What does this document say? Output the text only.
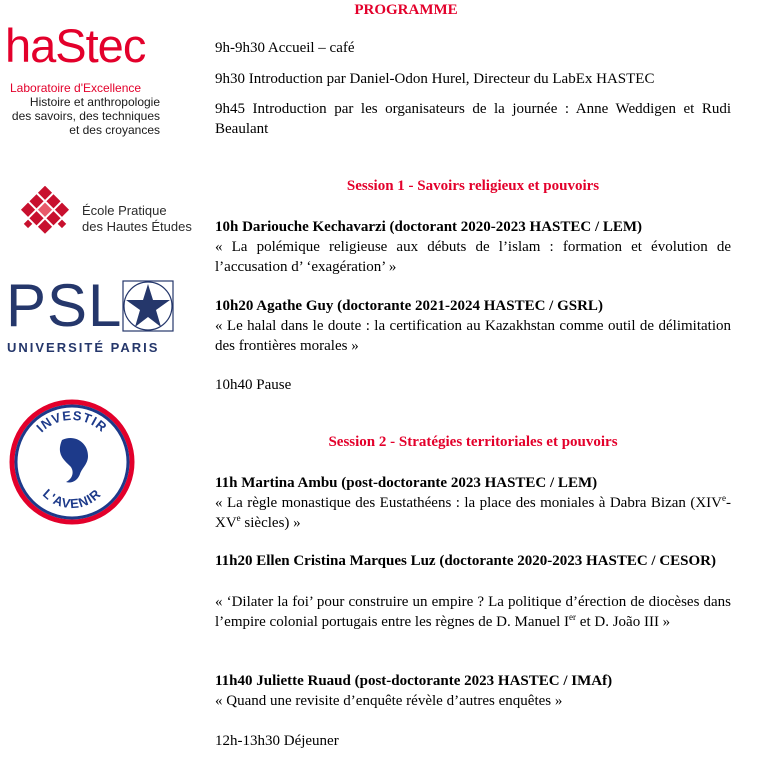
haStec
Laboratoire d'Excellence
Histoire et anthropologie
des savoirs, des techniques
et des croyances
École Pratique
des Hautes Études
PSL
UNIVERSITÉ PARIS
INVESTIR
L'AVENIR
PROGRAMME
9h-9h30 Accueil – café
9h30 Introduction par Daniel-Odon Hurel, Directeur du LabEx HASTEC
9h45 Introduction par les organisateurs de la journée : Anne Weddigen et Rudi Beaulant
Session 1 - Savoirs religieux et pouvoirs
10h Dariouche Kechavarzi (doctorant 2020-2023 HASTEC / LEM)
« La polémique religieuse aux débuts de l’islam : formation et évolution de l’accusation d’ ‘exagération’ »
10h20 Agathe Guy (doctorante 2021-2024 HASTEC / GSRL)
« Le halal dans le doute : la certification au Kazakhstan comme outil de délimitation des frontières morales »
10h40 Pause
Session 2 - Stratégies territoriales et pouvoirs
11h Martina Ambu (post-doctorante 2023 HASTEC / LEM)
« La règle monastique des Eustathéens : la place des moniales à Dabra Bizan (XIVe-XVe siècles) »
11h20 Ellen Cristina Marques Luz (doctorante 2020-2023 HASTEC / CESOR)
« ‘Dilater la foi’ pour construire un empire ? La politique d’érection de diocèses dans l’empire colonial portugais entre les règnes de D. Manuel Ier et D. João III »
11h40 Juliette Ruaud (post-doctorante 2023 HASTEC / IMAf)
« Quand une revisite d’enquête révèle d’autres enquêtes »
12h-13h30 Déjeuner
